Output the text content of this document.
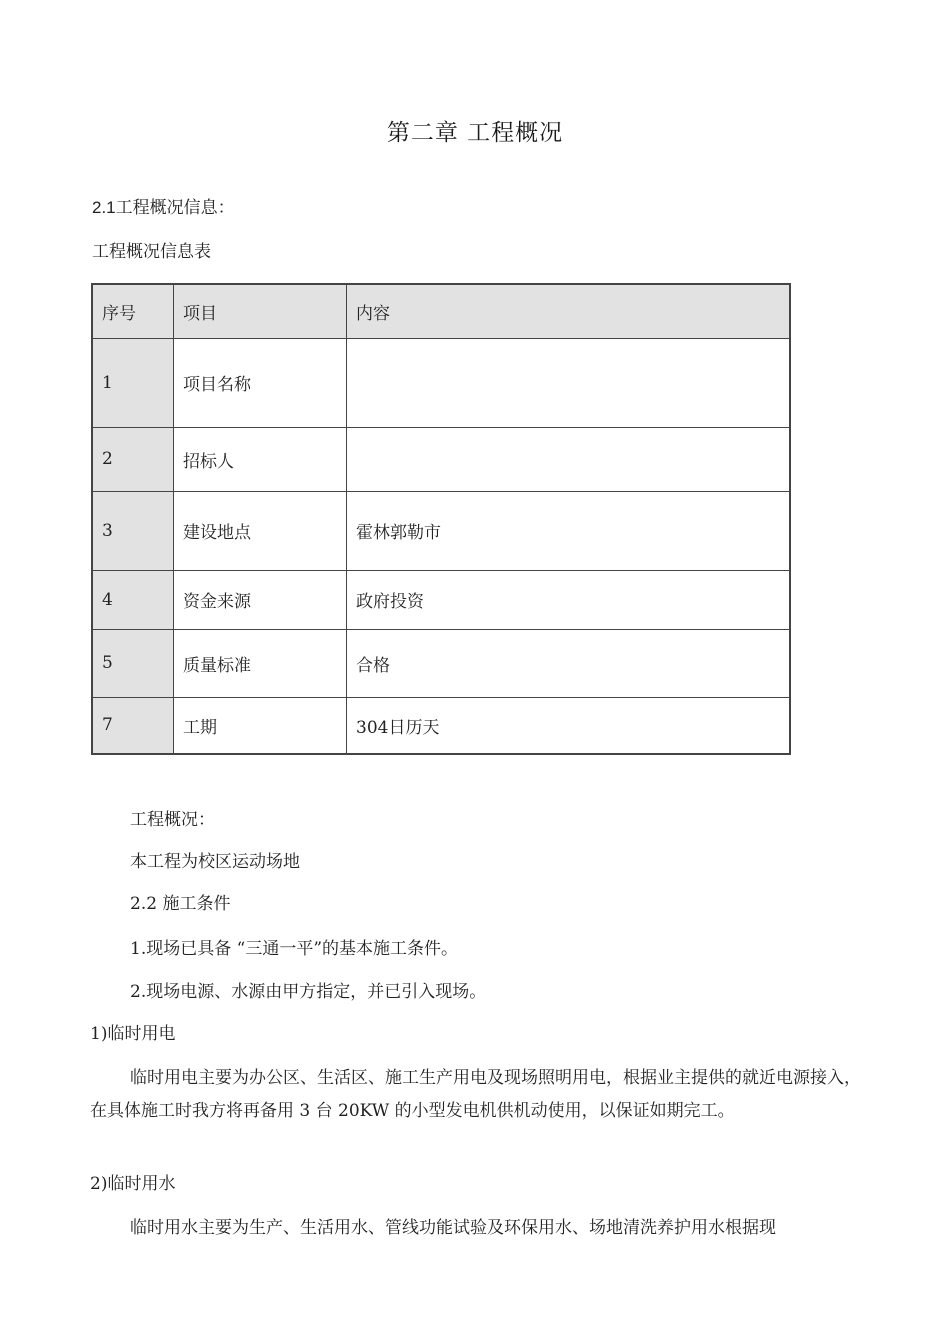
第二章 工程概况
2.1工程概况信息：
工程概况信息表
序号	项目	内容
1	项目名称	
2	招标人	
3	建设地点	霍林郭勒市
4	资金来源	政府投资
5	质量标准	合格
7	工期	304日历天
工程概况：
本工程为校区运动场地
2.2 施工条件
1.现场已具备 “三通一平”的基本施工条件。
2.现场电源、水源由甲方指定，并已引入现场。
1)临时用电

临时用电主要为办公区、生活区、施工生产用电及现场照明用电，根据业主提供的就近电源接入，在具体施工时我方将再备用 3 台 20KW 的小型发电机供机动使用，以保证如期完工。

2)临时用水

临时用水主要为生产、生活用水、管线功能试验及环保用水、场地清洗养护用水根据现
